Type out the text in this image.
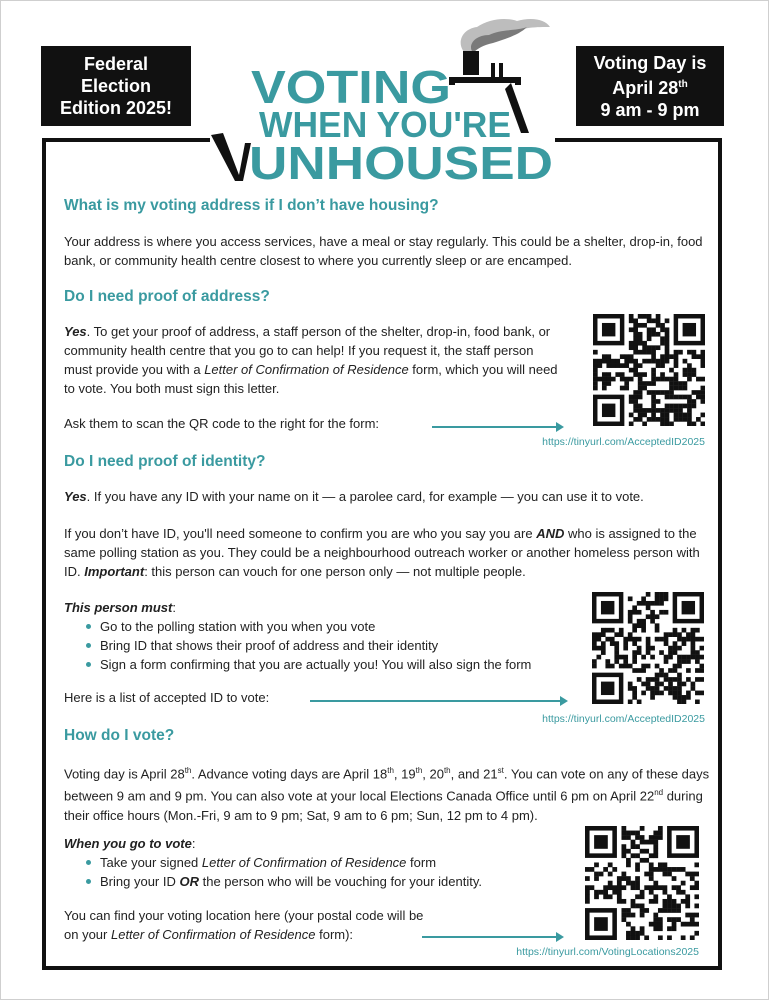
Federal
Election
Edition 2025!
Voting Day is
April 28th
9 am - 9 pm
VOTING
WHEN YOU'RE
UNHOUSED
What is my voting address if I don’t have housing?

Your address is where you access services, have a meal or stay regularly. This could be a shelter, drop-in, food bank, or community health centre closest to where you currently sleep or are encamped.

Do I need proof of address?

Yes. To get your proof of address, a staff person of the shelter, drop-in, food bank, or community health centre that you go to can help! If you request it, the staff person must provide you with a Letter of Confirmation of Residence form, which you will need to vote. You both must sign this letter.

Ask them to scan the QR code to the right for the form:

Do I need proof of identity?

Yes. If you have any ID with your name on it — a parolee card, for example — you can use it to vote.

If you don’t have ID, you'll need someone to confirm you are who you say you are AND who is assigned to the same polling station as you. They could be a neighbourhood outreach worker or another homeless person with ID. Important: this person can vouch for one person only — not multiple people.

This person must:

Go to the polling station with you when you vote
Bring ID that shows their proof of address and their identity
Sign a form confirming that you are actually you! You will also sign the form

Here is a list of accepted ID to vote:

How do I vote?

Voting day is April 28th. Advance voting days are April 18th, 19th, 20th, and 21st. You can vote on any of these days between 9 am and 9 pm. You can also vote at your local Elections Canada Office until 6 pm on April 22nd during their office hours (Mon.-Fri, 9 am to 9 pm; Sat, 9 am to 6 pm; Sun, 12 pm to 4 pm).

When you go to vote:

Take your signed Letter of Confirmation of Residence form
Bring your ID OR the person who will be vouching for your identity.

You can find your voting location here (your postal code will be on your Letter of Confirmation of Residence form):

https://tinyurl.com/AcceptedID2025
https://tinyurl.com/AcceptedID2025
https://tinyurl.com/VotingLocations2025
